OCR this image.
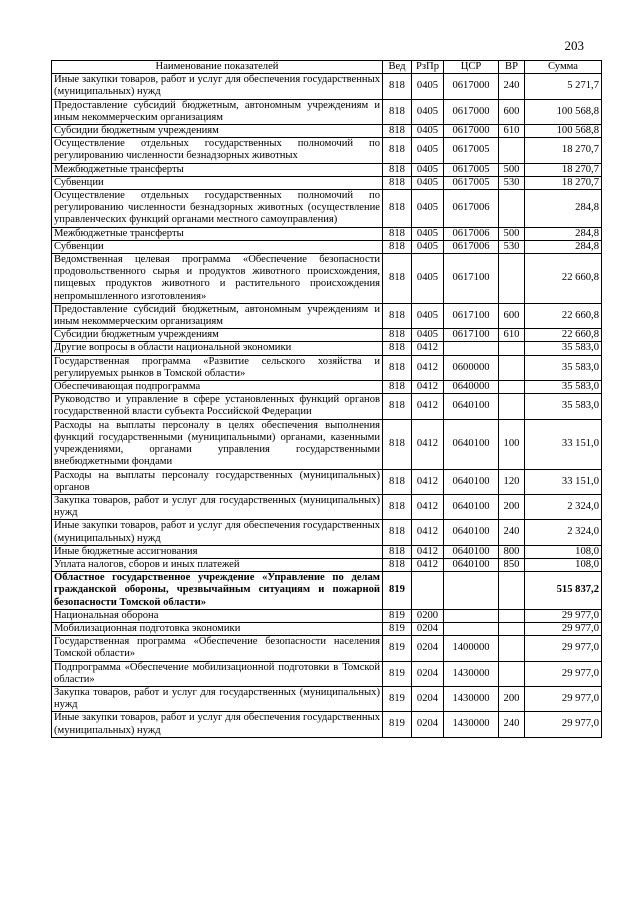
203
Наименование показателей	Вед	РзПр	ЦСР	ВР	Сумма
Иные закупки товаров, работ и услуг для обеспечения государственных (муниципальных) нужд	818	0405	0617000	240	5 271,7
Предоставление субсидий бюджетным, автономным учреждениям и иным некоммерческим организациям	818	0405	0617000	600	100 568,8
Субсидии бюджетным учреждениям	818	0405	0617000	610	100 568,8
Осуществление отдельных государственных полномочий по регулированию численности безнадзорных животных	818	0405	0617005		18 270,7
Межбюджетные трансферты	818	0405	0617005	500	18 270,7
Субвенции	818	0405	0617005	530	18 270,7
Осуществление отдельных государственных полномочий по регулированию численности безнадзорных животных (осуществление управленческих функций органами местного самоуправления)	818	0405	0617006		284,8
Межбюджетные трансферты	818	0405	0617006	500	284,8
Субвенции	818	0405	0617006	530	284,8
Ведомственная целевая программа «Обеспечение безопасности продовольственного сырья и продуктов животного происхождения, пищевых продуктов животного и растительного происхождения непромышленного изготовления»	818	0405	0617100		22 660,8
Предоставление субсидий бюджетным, автономным учреждениям и иным некоммерческим организациям	818	0405	0617100	600	22 660,8
Субсидии бюджетным учреждениям	818	0405	0617100	610	22 660,8
Другие вопросы в области национальной экономики	818	0412			35 583,0
Государственная программа «Развитие сельского хозяйства и регулируемых рынков в Томской области»	818	0412	0600000		35 583,0
Обеспечивающая подпрограмма	818	0412	0640000		35 583,0
Руководство и управление в сфере установленных функций органов государственной власти субъекта Российской Федерации	818	0412	0640100		35 583,0
Расходы на выплаты персоналу в целях обеспечения выполнения функций государственными (муниципальными) органами, казенными учреждениями, органами управления государственными внебюджетными фондами	818	0412	0640100	100	33 151,0
Расходы на выплаты персоналу государственных (муниципальных) органов	818	0412	0640100	120	33 151,0
Закупка товаров, работ и услуг для государственных (муниципальных) нужд	818	0412	0640100	200	2 324,0
Иные закупки товаров, работ и услуг для обеспечения государственных (муниципальных) нужд	818	0412	0640100	240	2 324,0
Иные бюджетные ассигнования	818	0412	0640100	800	108,0
Уплата налогов, сборов и иных платежей	818	0412	0640100	850	108,0
Областное государственное учреждение «Управление по делам гражданской обороны, чрезвычайным ситуациям и пожарной безопасности Томской области»	819				515 837,2
Национальная оборона	819	0200			29 977,0
Мобилизационная подготовка экономики	819	0204			29 977,0
Государственная программа «Обеспечение безопасности населения Томской области»	819	0204	1400000		29 977,0
Подпрограмма «Обеспечение мобилизационной подготовки в Томской области»	819	0204	1430000		29 977,0
Закупка товаров, работ и услуг для государственных (муниципальных) нужд	819	0204	1430000	200	29 977,0
Иные закупки товаров, работ и услуг для обеспечения государственных (муниципальных) нужд	819	0204	1430000	240	29 977,0
